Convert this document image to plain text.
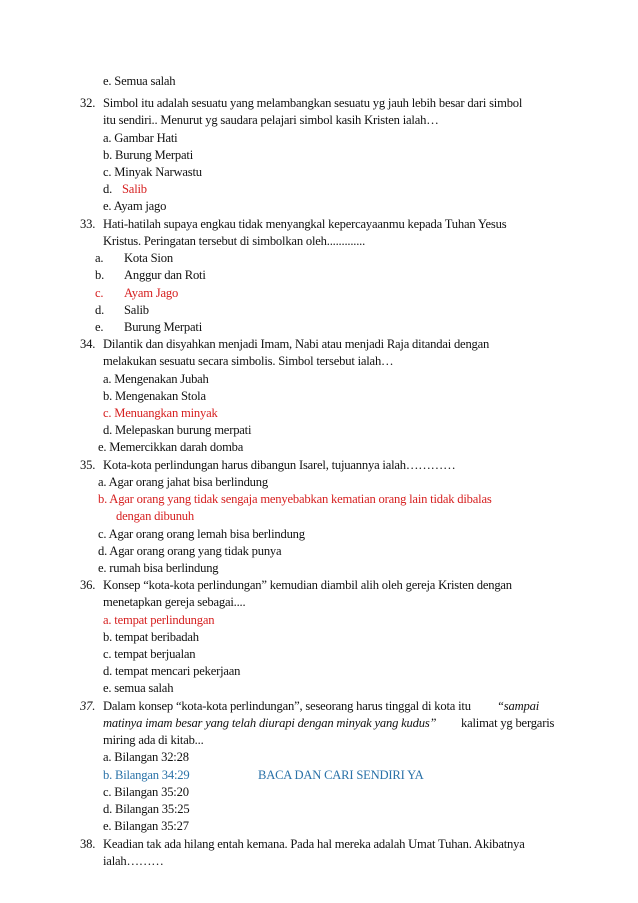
e. Semua salah
32. Simbol itu adalah sesuatu yang melambangkan sesuatu yg jauh lebih besar dari simbol
itu sendiri.. Menurut yg saudara pelajari simbol kasih Kristen ialah…
a. Gambar Hati
b. Burung Merpati
c. Minyak Narwastu
d. Salib
e. Ayam jago
33. Hati-hatilah supaya engkau tidak menyangkal kepercayaanmu kepada Tuhan Yesus
Kristus. Peringatan tersebut di simbolkan oleh.............
a. Kota Sion
b. Anggur dan Roti
c. Ayam Jago
d. Salib
e. Burung Merpati
34. Dilantik dan disyahkan menjadi Imam, Nabi atau menjadi Raja ditandai dengan
melakukan sesuatu secara simbolis. Simbol tersebut ialah…
a. Mengenakan Jubah
b. Mengenakan Stola
c. Menuangkan minyak
d. Melepaskan burung merpati
e. Memercikkan darah domba
35. Kota-kota perlindungan harus dibangun Isarel, tujuannya ialah…………
a. Agar orang jahat bisa berlindung
b. Agar orang yang tidak sengaja menyebabkan kematian orang lain tidak dibalas
dengan dibunuh
c. Agar orang orang lemah bisa berlindung
d. Agar orang orang yang tidak punya
e. rumah bisa berlindung
36. Konsep “kota-kota perlindungan” kemudian diambil alih oleh gereja Kristen dengan
menetapkan gereja sebagai....
a. tempat perlindungan
b. tempat beribadah
c. tempat berjualan
d. tempat mencari pekerjaan
e. semua salah
37. Dalam konsep “kota-kota perlindungan”, seseorang harus tinggal di kota itu “sampai
matinya imam besar yang telah diurapi dengan minyak yang kudus” kalimat yg bergaris
miring ada di kitab...
a. Bilangan 32:28
b. Bilangan 34:29	BACA DAN CARI SENDIRI YA
c. Bilangan 35:20
d. Bilangan 35:25
e. Bilangan 35:27
38. Keadian tak ada hilang entah kemana. Pada hal mereka adalah Umat Tuhan. Akibatnya
ialah………
